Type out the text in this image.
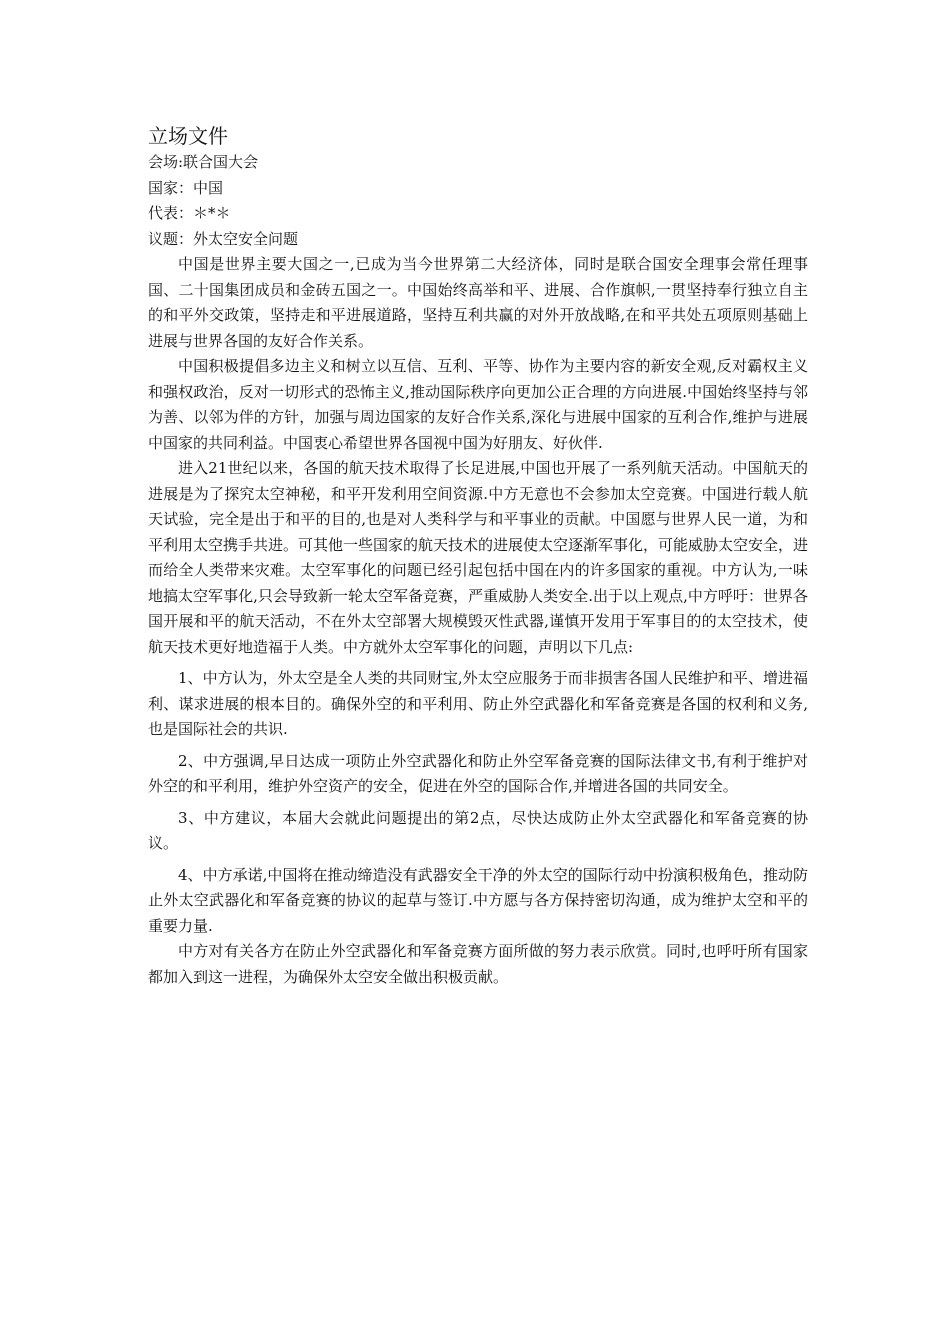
立场文件

会场:联合国大会

国家：中国

代表：＊*＊

议题：外太空安全问题

中国是世界主要大国之一,已成为当今世界第二大经济体，同时是联合国安全理事会常任理事国、二十国集团成员和金砖五国之一。中国始终高举和平、进展、合作旗帜,一贯坚持奉行独立自主的和平外交政策，坚持走和平进展道路，坚持互利共赢的对外开放战略,在和平共处五项原则基础上进展与世界各国的友好合作关系。

中国积极提倡多边主义和树立以互信、互利、平等、协作为主要内容的新安全观,反对霸权主义和强权政治，反对一切形式的恐怖主义,推动国际秩序向更加公正合理的方向进展.中国始终坚持与邻为善、以邻为伴的方针，加强与周边国家的友好合作关系,深化与进展中国家的互利合作,维护与进展中国家的共同利益。中国衷心希望世界各国视中国为好朋友、好伙伴.

进入21世纪以来，各国的航天技术取得了长足进展,中国也开展了一系列航天活动。中国航天的进展是为了探究太空神秘，和平开发利用空间资源.中方无意也不会参加太空竞赛。中国进行载人航天试验，完全是出于和平的目的,也是对人类科学与和平事业的贡献。中国愿与世界人民一道，为和平利用太空携手共进。可其他一些国家的航天技术的进展使太空逐渐军事化，可能威胁太空安全，进而给全人类带来灾难。太空军事化的问题已经引起包括中国在内的许多国家的重视。中方认为,一味地搞太空军事化,只会导致新一轮太空军备竞赛，严重威胁人类安全.出于以上观点,中方呼吁：世界各国开展和平的航天活动，不在外太空部署大规模毁灭性武器,谨慎开发用于军事目的的太空技术，使航天技术更好地造福于人类。中方就外太空军事化的问题，声明以下几点:

1、中方认为，外太空是全人类的共同财宝,外太空应服务于而非损害各国人民维护和平、增进福利、谋求进展的根本目的。确保外空的和平利用、防止外空武器化和军备竞赛是各国的权利和义务,也是国际社会的共识.

2、中方强调,早日达成一项防止外空武器化和防止外空军备竞赛的国际法律文书,有利于维护对外空的和平利用，维护外空资产的安全，促进在外空的国际合作,并增进各国的共同安全。

3、中方建议，本届大会就此问题提出的第2点，尽快达成防止外太空武器化和军备竞赛的协议。

4、中方承诺,中国将在推动缔造没有武器安全干净的外太空的国际行动中扮演积极角色，推动防止外太空武器化和军备竞赛的协议的起草与签订.中方愿与各方保持密切沟通，成为维护太空和平的重要力量.

中方对有关各方在防止外空武器化和军备竞赛方面所做的努力表示欣赏。同时,也呼吁所有国家都加入到这一进程，为确保外太空安全做出积极贡献。
